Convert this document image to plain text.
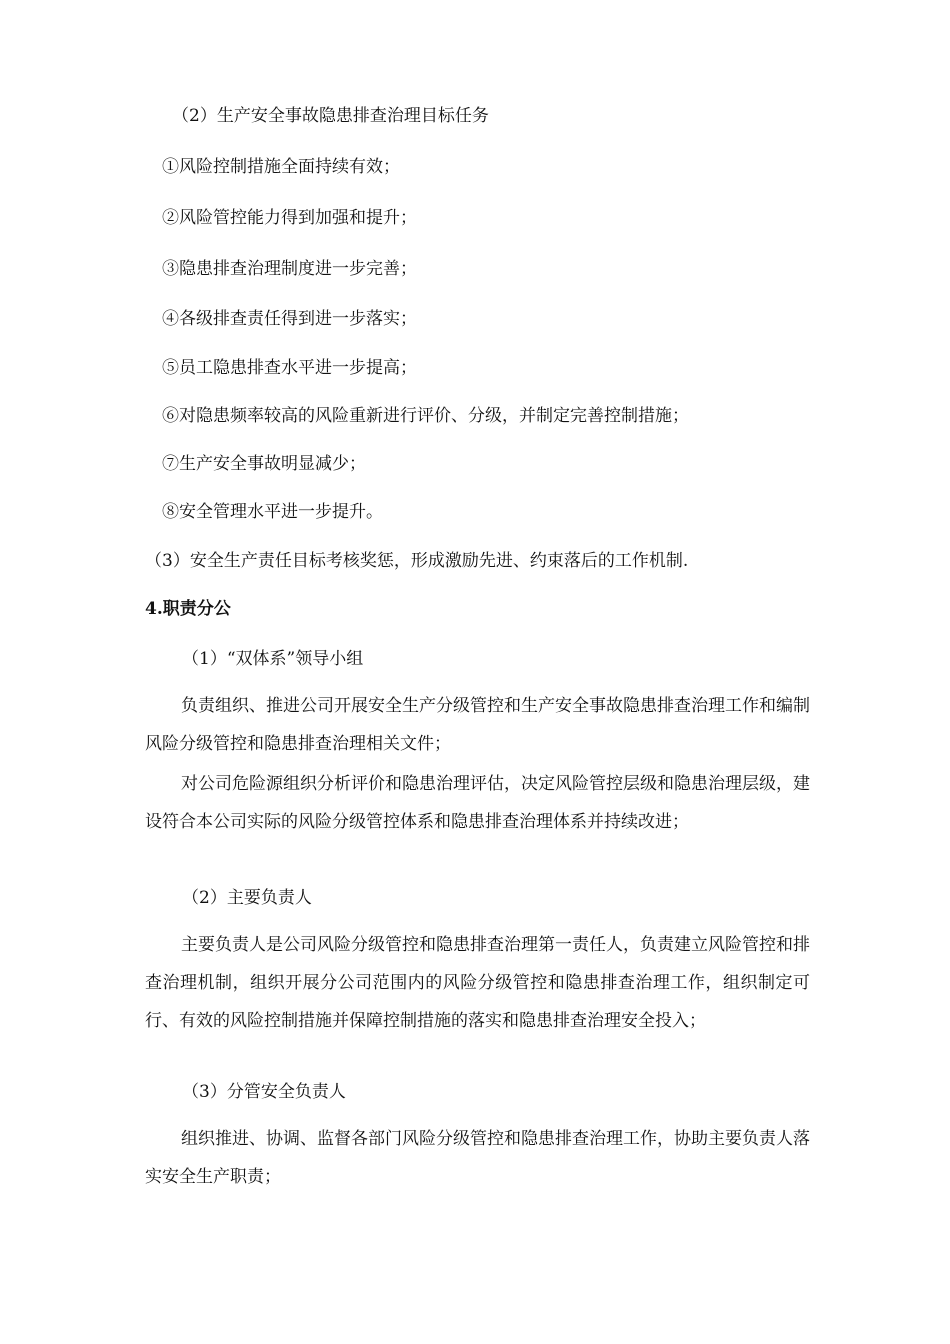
（2）生产安全事故隐患排查治理目标任务

①风险控制措施全面持续有效；

②风险管控能力得到加强和提升；

③隐患排查治理制度进一步完善；

④各级排查责任得到进一步落实；

⑤员工隐患排查水平进一步提高；

⑥对隐患频率较高的风险重新进行评价、分级，并制定完善控制措施；

⑦生产安全事故明显减少；

⑧安全管理水平进一步提升。

（3）安全生产责任目标考核奖惩，形成激励先进、约束落后的工作机制.

4.职责分公

（1）“双体系”领导小组

负责组织、推进公司开展安全生产分级管控和生产安全事故隐患排查治理工作和编制风险分级管控和隐患排查治理相关文件；

对公司危险源组织分析评价和隐患治理评估，决定风险管控层级和隐患治理层级，建设符合本公司实际的风险分级管控体系和隐患排查治理体系并持续改进；

（2）主要负责人

主要负责人是公司风险分级管控和隐患排查治理第一责任人，负责建立风险管控和排查治理机制，组织开展分公司范围内的风险分级管控和隐患排查治理工作，组织制定可行、有效的风险控制措施并保障控制措施的落实和隐患排查治理安全投入；

（3）分管安全负责人

组织推进、协调、监督各部门风险分级管控和隐患排查治理工作，协助主要负责人落实安全生产职责；
